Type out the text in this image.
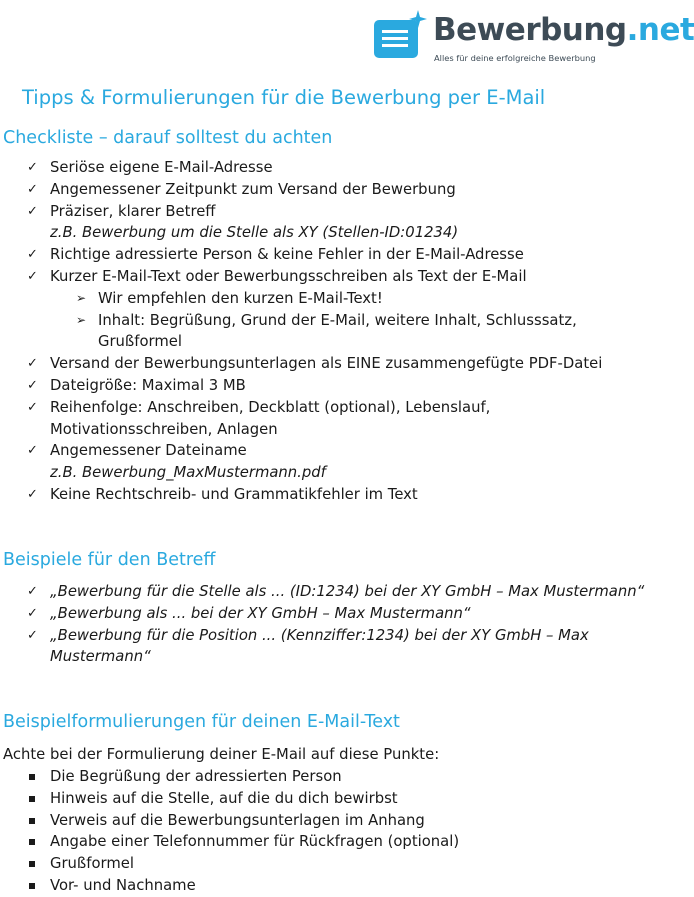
Bewerbung.net
Alles für deine erfolgreiche Bewerbung
Tipps & Formulierungen für die Bewerbung per E-Mail
Checkliste – darauf solltest du achten
✓ Seriöse eigene E-Mail-Adresse
✓ Angemessener Zeitpunkt zum Versand der Bewerbung
✓ Präziser, klarer Betreff
z.B. Bewerbung um die Stelle als XY (Stellen-ID:01234)
✓ Richtige adressierte Person & keine Fehler in der E-Mail-Adresse
✓ Kurzer E-Mail-Text oder Bewerbungsschreiben als Text der E-Mail
➢ Wir empfehlen den kurzen E-Mail-Text!
➢ Inhalt: Begrüßung, Grund der E-Mail, weitere Inhalt, Schlusssatz, Grußformel
✓ Versand der Bewerbungsunterlagen als EINE zusammengefügte PDF-Datei
✓ Dateigröße: Maximal 3 MB
✓ Reihenfolge: Anschreiben, Deckblatt (optional), Lebenslauf, Motivationsschreiben, Anlagen
✓ Angemessener Dateiname
z.B. Bewerbung_MaxMustermann.pdf
✓ Keine Rechtschreib- und Grammatikfehler im Text
Beispiele für den Betreff
✓ „Bewerbung für die Stelle als ... (ID:1234) bei der XY GmbH – Max Mustermann“
✓ „Bewerbung als ... bei der XY GmbH – Max Mustermann“
✓ „Bewerbung für die Position ... (Kennziffer:1234) bei der XY GmbH – Max Mustermann“
Beispielformulierungen für deinen E-Mail-Text

Achte bei der Formulierung deiner E-Mail auf diese Punkte:

Die Begrüßung der adressierten Person
Hinweis auf die Stelle, auf die du dich bewirbst
Verweis auf die Bewerbungsunterlagen im Anhang
Angabe einer Telefonnummer für Rückfragen (optional)
Grußformel
Vor- und Nachname
